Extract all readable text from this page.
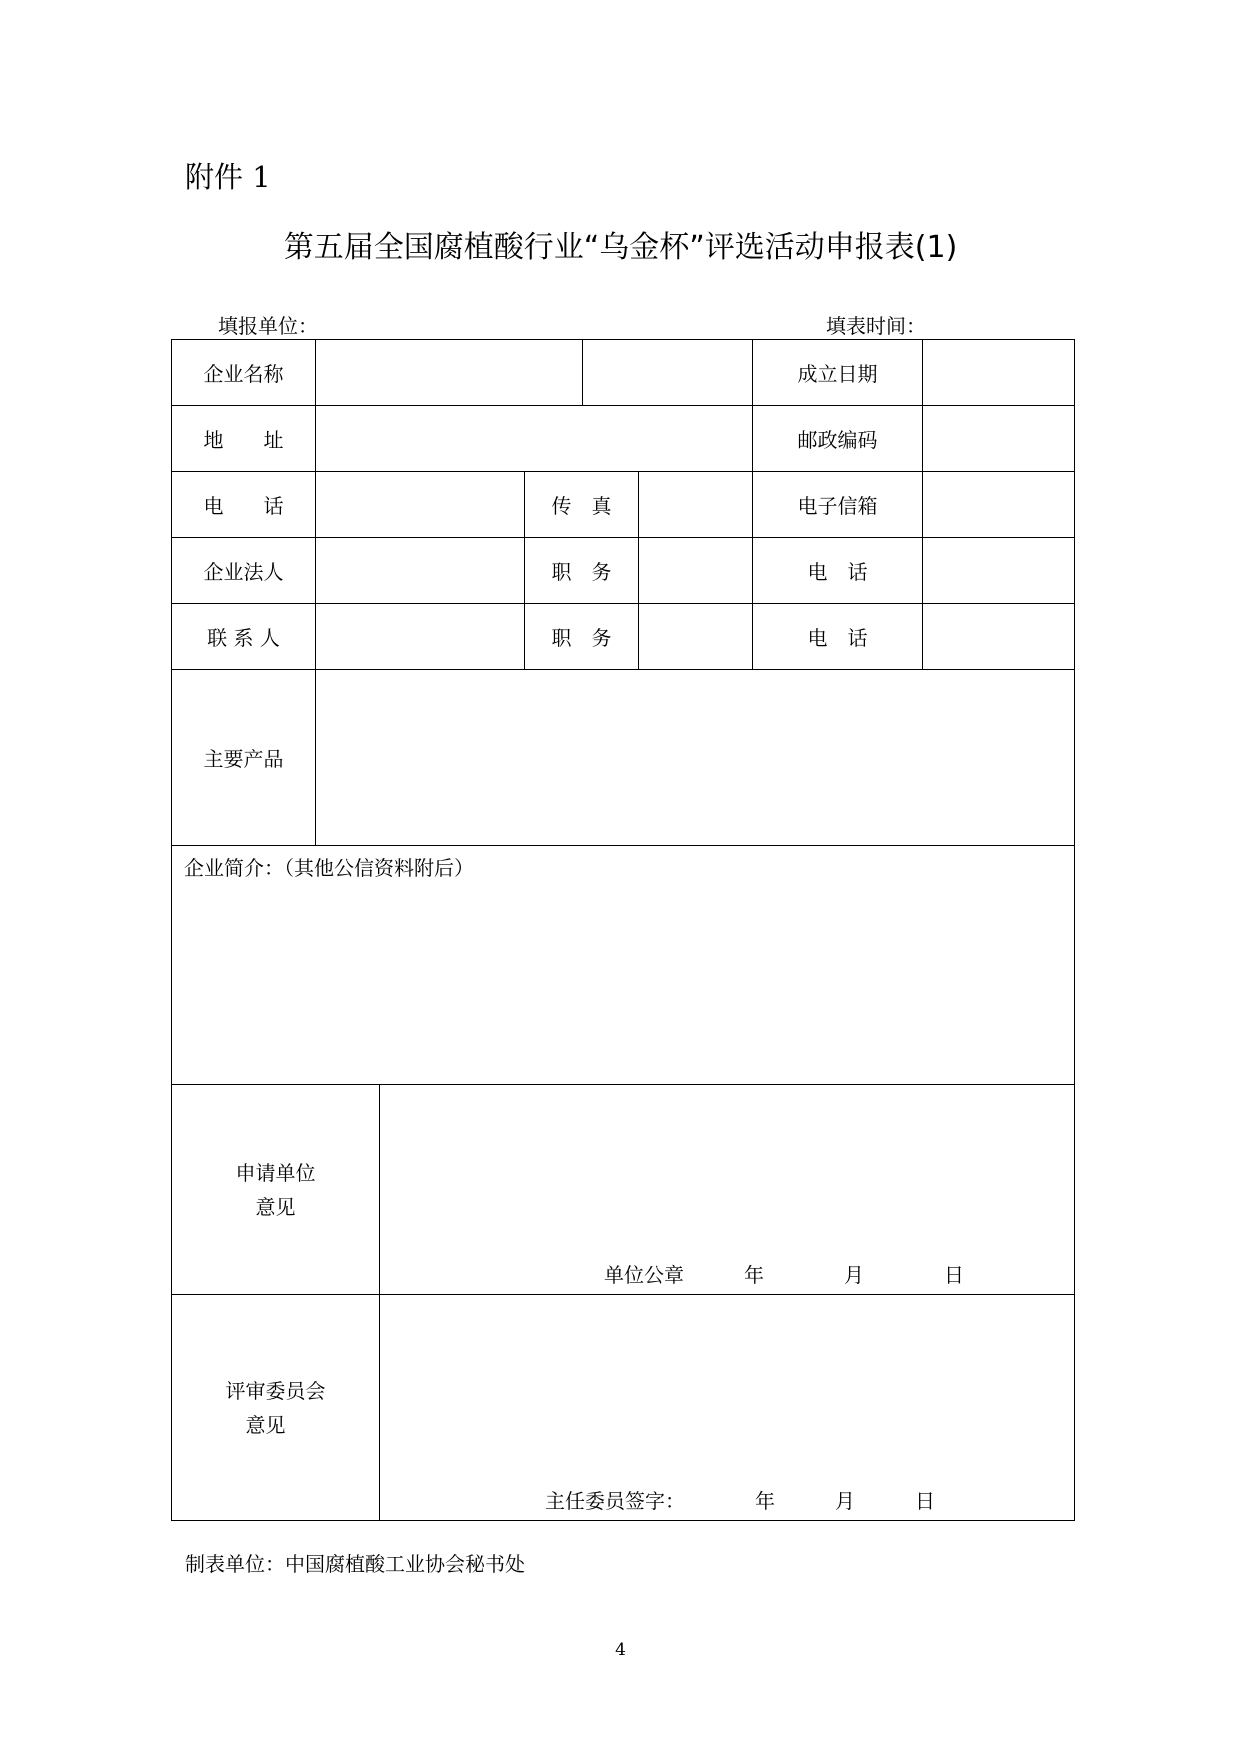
附件 1
第五届全国腐植酸行业“乌金杯”评选活动申报表(1)
填报单位：	填表时间：
企业名称						成立日期	
地　　址						邮政编码	
电　　话			传　真			电子信箱	
企业法人			职　务			电　话	
联 系 人			职　务			电　话	
主要产品							
企业简介：（其他公信资料附后）							
申请单位
意见		单位公章　　　年　　　　月　　　　日					

评审委员会
意见		主任委员签字：　　　　年　　　月　　　日					
制表单位：中国腐植酸工业协会秘书处
4
